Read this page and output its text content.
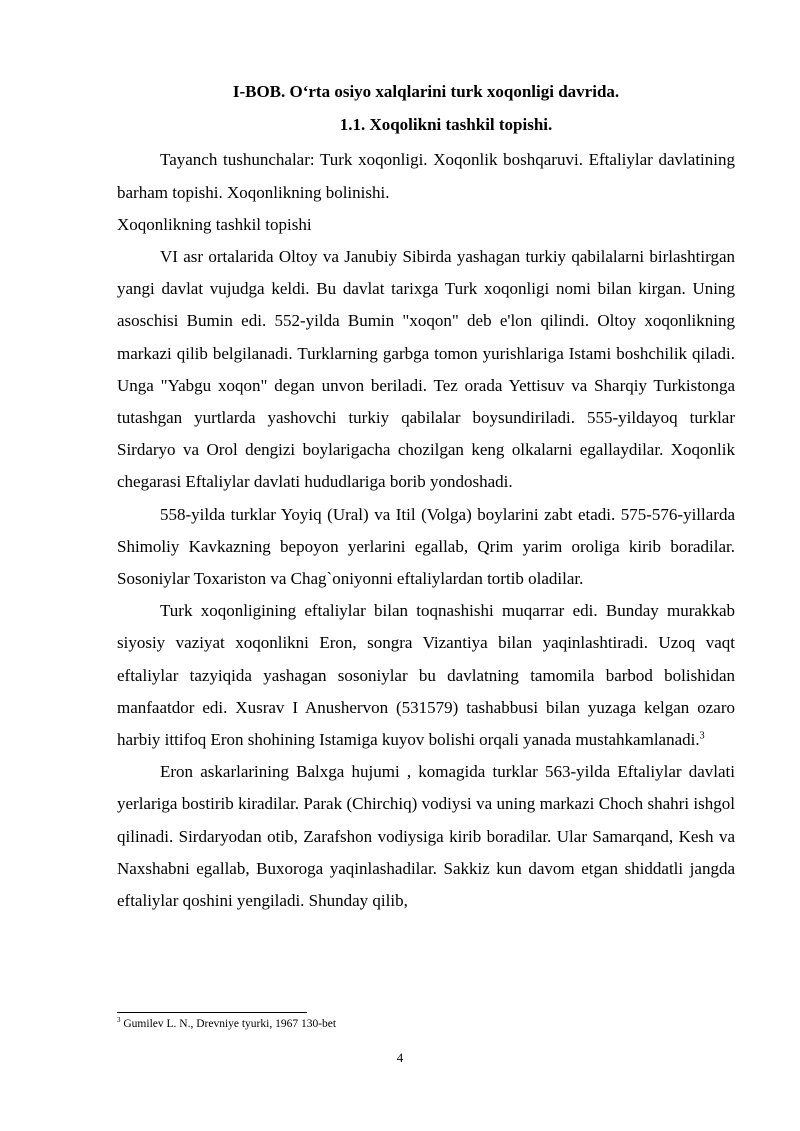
I-BOB. O‘rta osiyo xalqlarini turk xoqonligi davrida.

1.1. Xoqolikni tashkil topishi.

Tayanch tushunchalar: Turk xoqonligi. Xoqonlik boshqaruvi. Eftaliylar davlatining barham topishi. Xoqonlikning bolinishi.

Xoqonlikning tashkil topishi

VI asr ortalarida Oltoy va Janubiy Sibirda yashagan turkiy qabilalarni birlashtirgan yangi davlat vujudga keldi. Bu davlat tarixga Turk xoqonligi nomi bilan kirgan. Uning asoschisi Bumin edi. 552-yilda Bumin "xoqon" deb e'lon qilindi. Oltoy xoqonlikning markazi qilib belgilanadi. Turklarning garbga tomon yurishlariga Istami boshchilik qiladi. Unga "Yabgu xoqon" degan unvon beriladi. Tez orada Yettisuv va Sharqiy Turkistonga tutashgan yurtlarda yashovchi turkiy qabilalar boysundiriladi. 555-yildayoq turklar Sirdaryo va Orol dengizi boylarigacha chozilgan keng olkalarni egallaydilar. Xoqonlik chegarasi Eftaliylar davlati hududlariga borib yondoshadi.

558-yilda turklar Yoyiq (Ural) va Itil (Volga) boylarini zabt etadi. 575-576-yillarda Shimoliy Kavkazning bepoyon yerlarini egallab, Qrim yarim oroliga kirib boradilar. Sosoniylar Toxariston va Chag`oniyonni eftaliylardan tortib oladilar.

Turk xoqonligining eftaliylar bilan toqnashishi muqarrar edi. Bunday murakkab siyosiy vaziyat xoqonlikni Eron, songra Vizantiya bilan yaqinlashtiradi. Uzoq vaqt eftaliylar tazyiqida yashagan sosoniylar bu davlatning tamomila barbod bolishidan manfaatdor edi. Xusrav I Anushervon (531579) tashabbusi bilan yuzaga kelgan ozaro harbiy ittifoq Eron shohining Istamiga kuyov bolishi orqali yanada mustahkamlanadi.$^3$

Eron askarlarining Balxga hujumi , komagida turklar 563-yilda Eftaliylar davlati yerlariga bostirib kiradilar. Parak (Chirchiq) vodiysi va uning markazi Choch shahri ishgol qilinadi. Sirdaryodan otib, Zarafshon vodiysiga kirib boradilar. Ular Samarqand, Kesh va Naxshabni egallab, Buxoroga yaqinlashadilar. Sakkiz kun davom etgan shiddatli jangda eftaliylar qoshini yengiladi. Shunday qilib,

$^3$ Gumilev L. N., Drevniye tyurki, 1967 130-bet
4
